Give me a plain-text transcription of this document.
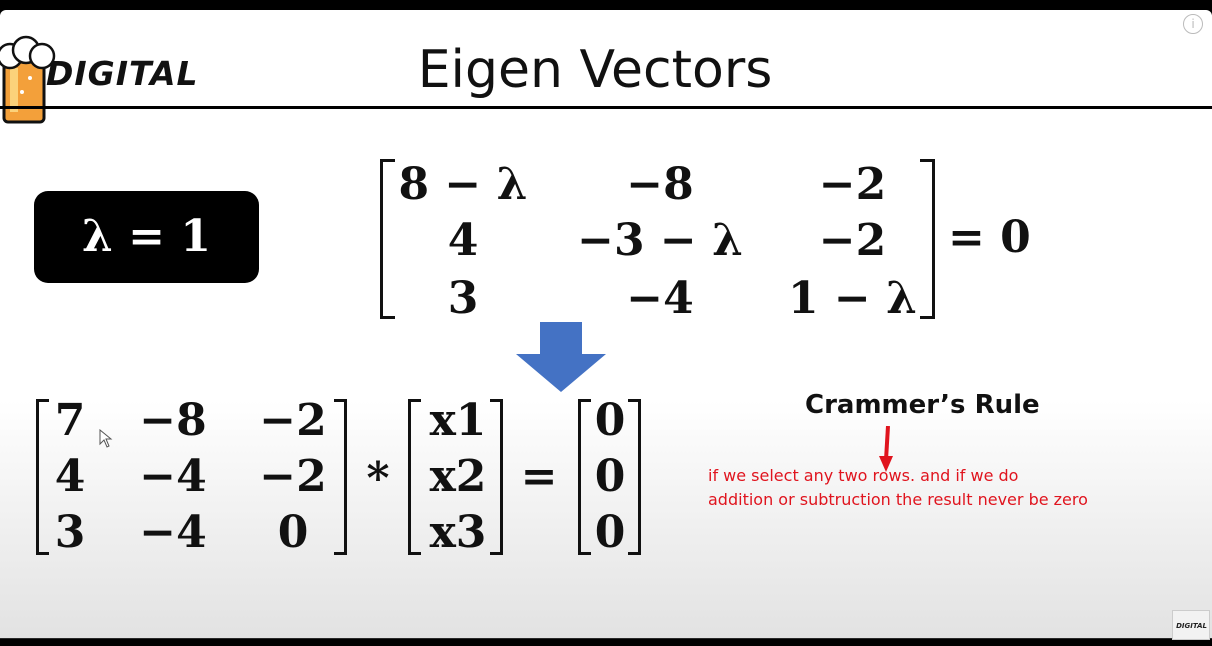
DIGITAL	Eigen Vectors
i
λ = 1
8 − λ	−8	−2
4	−3 − λ	−2
3	−4	1 − λ
= 0
7 −8 −2
4 −4 −2
3 −4	0
*
x1
x2
x3
=
0
0
0
Crammer’s Rule
if we select any two rows. and if we do
addition or subtruction the result never be zero
DIGITAL
